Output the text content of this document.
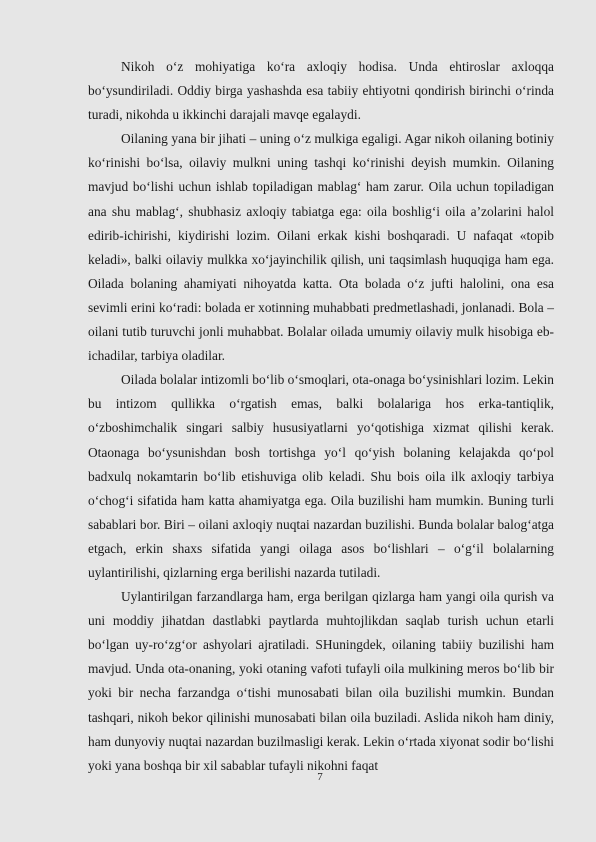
Nikoh o‘z mohiyatiga ko‘ra axloqiy hodisa. Unda ehtiroslar axloqqa bo‘ysundiriladi. Oddiy birga yashashda esa tabiiy ehtiyotni qondirish birinchi o‘rinda turadi, nikohda u ikkinchi darajali mavqe egalaydi.

Oilaning yana bir jihati – uning o‘z mulkiga egaligi. Agar nikoh oilaning botiniy ko‘rinishi bo‘lsa, oilaviy mulkni uning tashqi ko‘rinishi deyish mumkin. Oilaning mavjud bo‘lishi uchun ishlab topiladigan mablag‘ ham zarur. Oila uchun topiladigan ana shu mablag‘, shubhasiz axloqiy tabiatga ega: oila boshlig‘i oila a’zolarini halol edirib-ichirishi, kiydirishi lozim. Oilani erkak kishi boshqaradi. U nafaqat «topib keladi», balki oilaviy mulkka xo‘jayinchilik qilish, uni taqsimlash huquqiga ham ega. Oilada bolaning ahamiyati nihoyatda katta. Ota bolada o‘z jufti halolini, ona esa sevimli erini ko‘radi: bolada er xotinning muhabbati predmetlashadi, jonlanadi. Bola – oilani tutib turuvchi jonli muhabbat. Bolalar oilada umumiy oilaviy mulk hisobiga eb-ichadilar, tarbiya oladilar.

Oilada bolalar intizomli bo‘lib o‘smoqlari, ota-onaga bo‘ysinishlari lozim. Lekin bu intizom qullikka o‘rgatish emas, balki bolalariga hos erka-tantiqlik, o‘zboshimchalik singari salbiy hususiyatlarni yo‘qotishiga xizmat qilishi kerak. Otaonaga bo‘ysunishdan bosh tortishga yo‘l qo‘yish bolaning kelajakda qo‘pol badxulq nokamtarin bo‘lib etishuviga olib keladi. Shu bois oila ilk axloqiy tarbiya o‘chog‘i sifatida ham katta ahamiyatga ega. Oila buzilishi ham mumkin. Buning turli sabablari bor. Biri – oilani axloqiy nuqtai nazardan buzilishi. Bunda bolalar balog‘atga etgach, erkin shaxs sifatida yangi oilaga asos bo‘lishlari – o‘g‘il bolalarning uylantirilishi, qizlarning erga berilishi nazarda tutiladi.

Uylantirilgan farzandlarga ham, erga berilgan qizlarga ham yangi oila qurish va uni moddiy jihatdan dastlabki paytlarda muhtojlikdan saqlab turish uchun etarli bo‘lgan uy-ro‘zg‘or ashyolari ajratiladi. SHuningdek, oilaning tabiiy buzilishi ham mavjud. Unda ota-onaning, yoki otaning vafoti tufayli oila mulkining meros bo‘lib bir yoki bir necha farzandga o‘tishi munosabati bilan oila buzilishi mumkin. Bundan tashqari, nikoh bekor qilinishi munosabati bilan oila buziladi. Aslida nikoh ham diniy, ham dunyoviy nuqtai nazardan buzilmasligi kerak. Lekin o‘rtada xiyonat sodir bo‘lishi yoki yana boshqa bir xil sabablar tufayli nikohni faqat

7
